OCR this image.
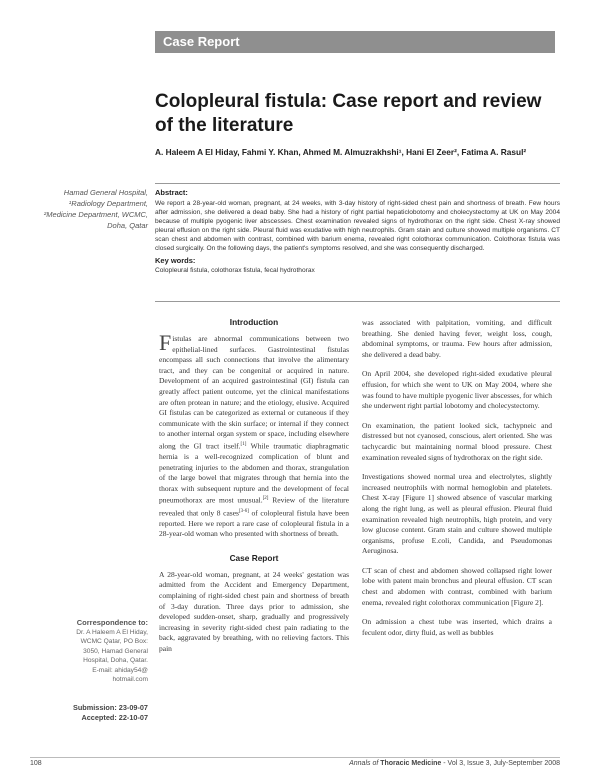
Case Report
Colopleural fistula: Case report and review of the literature
A. Haleem A El Hiday, Fahmi Y. Khan, Ahmed M. Almuzrakhshi¹, Hani El Zeer², Fatima A. Rasul²
Hamad General Hospital, ¹Radiology Department, ²Medicine Department, WCMC, Doha, Qatar
Abstract:
We report a 28-year-old woman, pregnant, at 24 weeks, with 3-day history of right-sided chest pain and shortness of breath. Few hours after admission, she delivered a dead baby. She had a history of right partial hepaticlobotomy and cholecystectomy at UK on May 2004 because of multiple pyogenic liver abscesses. Chest examination revealed signs of hydrothorax on the right side. Chest X-ray showed pleural effusion on the right side. Pleural fluid was exudative with high neutrophils. Gram stain and culture showed multiple organisms. CT scan chest and abdomen with contrast, combined with barium enema, revealed right colothorax communication. Colothorax fistula was closed surgically. On the following days, the patient's symptoms resolved, and she was consequently discharged.
Key words:
Colopleural fistula, colothorax fistula, fecal hydrothorax
Introduction

Fistulas are abnormal communications between two epithelial-lined surfaces. Gastrointestinal fistulas encompass all such connections that involve the alimentary tract, and they can be congenital or acquired in nature. Development of an acquired gastrointestinal (GI) fistula can greatly affect patient outcome, yet the clinical manifestations are often protean in nature; and the etiology, elusive. Acquired GI fistulas can be categorized as external or cutaneous if they communicate with the skin surface; or internal if they connect to another internal organ system or space, including elsewhere along the GI tract itself.[1] While traumatic diaphragmatic hernia is a well-recognized complication of blunt and penetrating injuries to the abdomen and thorax, strangulation of the large bowel that migrates through that hernia into the thorax with subsequent rupture and the development of fecal pneumothorax are most unusual.[2] Review of the literature revealed that only 8 cases[3-6] of colopleural fistula have been reported. Here we report a rare case of colopleural fistula in a 28-year-old woman who presented with shortness of breath.

Case Report

A 28-year-old woman, pregnant, at 24 weeks' gestation was admitted from the Accident and Emergency Department, complaining of right-sided chest pain and shortness of breath of 3-day duration. Three days prior to admission, she developed sudden-onset, sharp, gradually and progressively increasing in severity right-sided chest pain radiating to the back, aggravated by breathing, with no relieving factors. This pain

was associated with palpitation, vomiting, and difficult breathing. She denied having fever, weight loss, cough, abdominal symptoms, or trauma. Few hours after admission, she delivered a dead baby.

On April 2004, she developed right-sided exudative pleural effusion, for which she went to UK on May 2004, where she was found to have multiple pyogenic liver abscesses, for which she underwent right partial lobotomy and cholecystectomy.

On examination, the patient looked sick, tachypneic and distressed but not cyanosed, conscious, alert oriented. She was tachycardic but maintaining normal blood pressure. Chest examination revealed signs of hydrothorax on the right side.

Investigations showed normal urea and electrolytes, slightly increased neutrophils with normal hemoglobin and platelets. Chest X-ray [Figure 1] showed absence of vascular marking along the right lung, as well as pleural effusion. Pleural fluid examination revealed high neutrophils, high protein, and very low glucose content. Gram stain and culture showed multiple organisms, profuse E.coli, Candida, and Pseudomonas Aeruginosa.

CT scan of chest and abdomen showed collapsed right lower lobe with patent main bronchus and pleural effusion. CT scan chest and abdomen with contrast, combined with barium enema, revealed right colothorax communication [Figure 2].

On admission a chest tube was inserted, which drains a feculent odor, dirty fluid, as well as bubbles

Correspondence to:
Dr. A Haleem A El Hiday,
WCMC Qatar, PO Box:
3050, Hamad General
Hospital, Doha, Qatar.
E-mail: ahiday54@
hotmail.com
Submission: 23-09-07
Accepted: 22-10-07
108	Annals of Thoracic Medicine - Vol 3, Issue 3, July-September 2008
